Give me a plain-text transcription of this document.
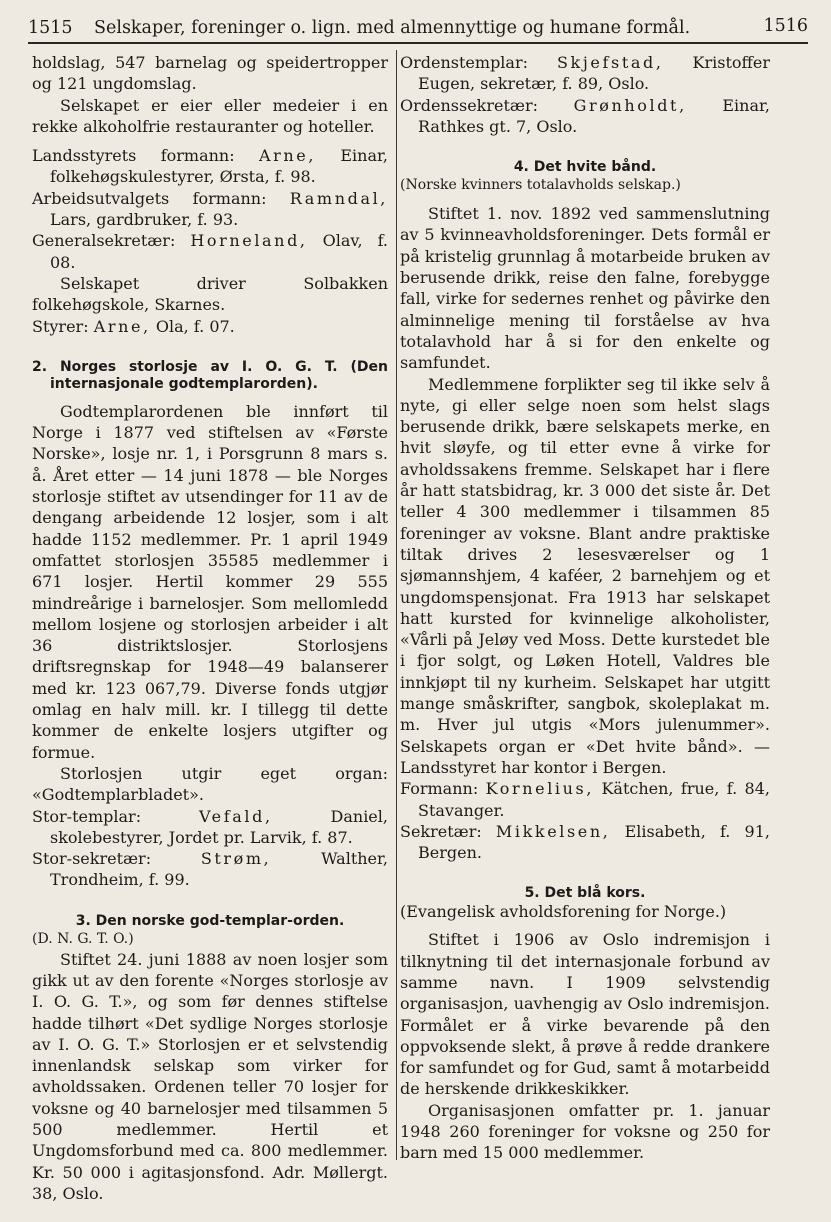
1515 Selskaper, foreninger o. lign. med almennyttige og humane formål.	1516

holdslag, 547 barnelag og speidertropper og 121 ungdomslag.

Selskapet er eier eller medeier i en rekke alkoholfrie restauranter og hoteller.

Landsstyrets formann: Arne, Einar, folkehøgskulestyrer, Ørsta, f. 98.

Arbeidsutvalgets formann: Ramndal, Lars, gardbruker, f. 93.

Generalsekretær: Horneland, Olav, f. 08.

Selskapet driver Solbakken folkehøgskole, Skarnes.

Styrer: Arne, Ola, f. 07.

2. Norges storlosje av I. O. G. T. (Den internasjonale godtemplarorden).

Godtemplarordenen ble innført til Norge i 1877 ved stiftelsen av «Første Norske», losje nr. 1, i Porsgrunn 8 mars s. å. Året etter — 14 juni 1878 — ble Norges storlosje stiftet av utsendinger for 11 av de dengang arbeidende 12 losjer, som i alt hadde 1152 medlemmer. Pr. 1 april 1949 omfattet storlosjen 35585 medlemmer i 671 losjer. Hertil kommer 29 555 mindreårige i barnelosjer. Som mellomledd mellom losjene og storlosjen arbeider i alt 36 distriktslosjer. Storlosjens driftsregnskap for 1948—49 balanserer med kr. 123 067,79. Diverse fonds utgjør omlag en halv mill. kr. I tillegg til dette kommer de enkelte losjers utgifter og formue.

Storlosjen utgir eget organ: «Godtemplarbladet».

Stor-templar:	Vefald,	Daniel, skolebestyrer, Jordet pr. Larvik, f. 87.

Stor-sekretær:	Strøm,	Walther, Trondheim, f. 99.

3. Den norske god-templar-orden.

(D. N. G. T. O.)

Stiftet 24. juni 1888 av noen losjer som gikk ut av den forente «Norges storlosje av I. O. G. T.», og som før dennes stiftelse hadde tilhørt «Det sydlige Norges storlosje av I. O. G. T.» Storlosjen er et selvstendig innenlandsk selskap som virker for avholdssaken. Ordenen teller 70 losjer for voksne og 40 barnelosjer med tilsammen 5 500 medlemmer. Hertil et Ungdomsforbund med ca. 800 medlemmer. Kr. 50 000 i agitasjonsfond. Adr. Møllergt. 38, Oslo.

Ordenstemplar: Skjefstad, Kristoffer Eugen, sekretær, f. 89, Oslo.

Ordenssekretær: Grønholdt, Einar, Rathkes gt. 7, Oslo.

4. Det hvite bånd.

(Norske kvinners totalavholds selskap.)

Stiftet 1. nov. 1892 ved sammenslutning av 5 kvinneavholdsforeninger. Dets formål er på kristelig grunnlag å motarbeide bruken av berusende drikk, reise den falne, forebygge fall, virke for sedernes renhet og påvirke den alminnelige mening til forståelse av hva totalavhold har å si for den enkelte og samfundet.

Medlemmene forplikter seg til ikke selv å nyte, gi eller selge noen som helst slags berusende drikk, bære selskapets merke, en hvit sløyfe, og til etter evne å virke for avholdssakens fremme. Selskapet har i flere år hatt statsbidrag, kr. 3 000 det siste år. Det teller 4 300 medlemmer i tilsammen 85 foreninger av voksne. Blant andre praktiske tiltak drives 2 lesesværelser og 1 sjømannshjem, 4 kaféer, 2 barnehjem og et ungdomspensjonat. Fra 1913 har selskapet hatt kursted for kvinnelige alkoholister, «Vårli på Jeløy ved Moss. Dette kurstedet ble i fjor solgt, og Løken Hotell, Valdres ble innkjøpt til ny kurheim. Selskapet har utgitt mange småskrifter, sangbok, skoleplakat m. m. Hver jul utgis «Mors julenummer». Selskapets organ er «Det hvite bånd». — Landsstyret har kontor i Bergen.

Formann: Kornelius, Kätchen, frue, f. 84, Stavanger.

Sekretær: Mikkelsen, Elisabeth, f. 91, Bergen.

5. Det blå kors.

(Evangelisk avholdsforening for Norge.)

Stiftet i 1906 av Oslo indremisjon i tilknytning til det internasjonale forbund av samme navn. I 1909 selvstendig organisasjon, uavhengig av Oslo indremisjon. Formålet er å virke bevarende på den oppvoksende slekt, å prøve å redde drankere for samfundet og for Gud, samt å motarbeidd de herskende drikkeskikker.

Organisasjonen omfatter pr. 1. januar 1948 260 foreninger for voksne og 250 for barn med 15 000 medlemmer.
